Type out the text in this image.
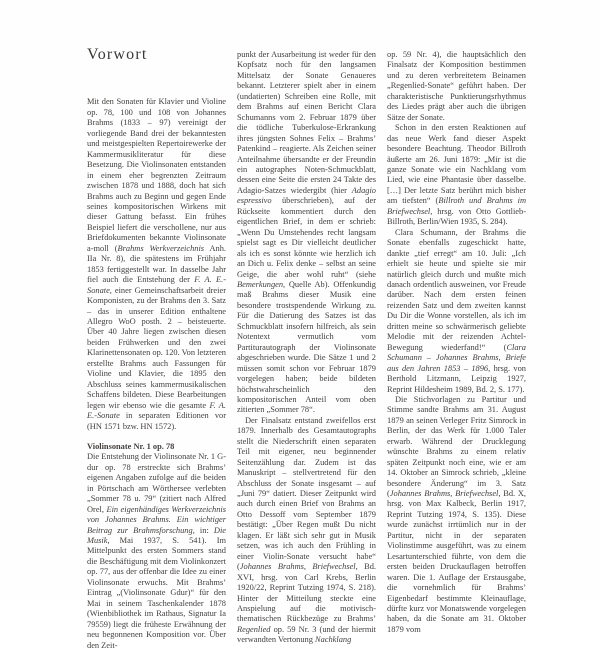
Vorwort

Mit den Sonaten für Klavier und Violine op. 78, 100 und 108 von Johannes Brahms (1833 – 97) vereinigt der vorliegende Band drei der bekanntesten und meistgespielten Repertoirewerke der Kammermusikliteratur für diese Besetzung. Die Violinsonaten entstanden in einem eher begrenzten Zeitraum zwischen 1878 und 1888, doch hat sich Brahms auch zu Beginn und gegen Ende seines kompositorischen Wirkens mit dieser Gattung befasst. Ein frühes Beispiel liefert die verschollene, nur aus Briefdokumenten bekannte Violinsonate a-moll (Brahms Werkverzeichnis Anh. IIa Nr. 8), die spätestens im Frühjahr 1853 fertiggestellt war. In dasselbe Jahr fiel auch die Entstehung der F. A. E.-Sonate, einer Gemeinschaftsarbeit dreier Komponisten, zu der Brahms den 3. Satz – das in unserer Edition enthaltene Allegro WoO posth. 2 – beisteuerte. Über 40 Jahre liegen zwischen diesen beiden Frühwerken und den zwei Klarinettensonaten op. 120. Von letzteren erstellte Brahms auch Fassungen für Violine und Klavier, die 1895 den Abschluss seines kammermusikalischen Schaffens bildeten. Diese Bearbeitungen legen wir ebenso wie die gesamte F. A. E.-Sonate in separaten Editionen vor (HN 1571 bzw. HN 1572).

Violinsonate Nr. 1 op. 78

Die Entstehung der Violinsonate Nr. 1 G-dur op. 78 erstreckte sich Brahms’ eigenen Angaben zufolge auf die beiden in Pörtschach am Wörthersee verlebten „Sommer 78 u. 79“ (zitiert nach Alfred Orel, Ein eigenhändiges Werkverzeichnis von Johannes Brahms. Ein wichtiger Beitrag zur Brahmsforschung, in: Die Musik, Mai 1937, S. 541). Im Mittelpunkt des ersten Sommers stand die Beschäftigung mit dem Violinkonzert op. 77, aus der offenbar die Idee zu einer Violinsonate erwuchs. Mit Brahms’ Eintrag „(Violinsonate Gdur)“ für den Mai in seinem Taschenkalender 1878 (Wienbibliothek im Rathaus, Signatur Ia 79559) liegt die früheste Erwähnung der neu begonnenen Komposition vor. Über den Zeit-

punkt der Ausarbeitung ist weder für den Kopfsatz noch für den langsamen Mittelsatz der Sonate Genaueres bekannt. Letzterer spielt aber in einem (undatierten) Schreiben eine Rolle, mit dem Brahms auf einen Bericht Clara Schumanns vom 2. Februar 1879 über die tödliche Tuberkulose-Erkrankung ihres jüngsten Sohnes Felix – Brahms’ Patenkind – reagierte. Als Zeichen seiner Anteilnahme übersandte er der Freundin ein autographes Noten-Schmuckblatt, dessen eine Seite die ersten 24 Takte des Adagio-Satzes wiedergibt (hier Adagio espressivo überschrieben), auf der Rückseite kommentiert durch den eigentlichen Brief, in dem er schrieb: „Wenn Du Umstehendes recht langsam spielst sagt es Dir vielleicht deutlicher als ich es sonst könnte wie herzlich ich an Dich u. Felix denke – selbst an seine Geige, die aber wohl ruht“ (siehe Bemerkungen, Quelle Ab). Offenkundig maß Brahms dieser Musik eine besondere trostspendende Wirkung zu. Für die Datierung des Satzes ist das Schmuckblatt insofern hilfreich, als sein Notentext vermutlich vom Partiturautograph der Violinsonate abgeschrieben wurde. Die Sätze 1 und 2 müssen somit schon vor Februar 1879 vorgelegen haben; beide bildeten höchstwahrscheinlich den kompositorischen Anteil vom oben zitierten „Sommer 78“.

Der Finalsatz entstand zweifellos erst 1879. Innerhalb des Gesamtautographs stellt die Niederschrift einen separaten Teil mit eigener, neu beginnender Seitenzählung dar. Zudem ist das Manuskript – stellvertretend für den Abschluss der Sonate insgesamt – auf „Juni 79“ datiert. Dieser Zeitpunkt wird auch durch einen Brief von Brahms an Otto Dessoff vom September 1879 bestätigt: „Über Regen mußt Du nicht klagen. Er läßt sich sehr gut in Musik setzen, was ich auch den Frühling in einer Violin-Sonate versucht habe“ (Johannes Brahms, Briefwechsel, Bd. XVI, hrsg. von Carl Krebs, Berlin 1920/22, Reprint Tutzing 1974, S. 218). Hinter der Mitteilung steckte eine Anspielung auf die motivisch-thematischen Rückbezüge zu Brahms’ Regenlied op. 59 Nr. 3 (und der hiermit verwandten Vertonung Nachklang

op. 59 Nr. 4), die hauptsächlich den Finalsatz der Komposition bestimmen und zu deren verbreitetem Beinamen „Regenlied-Sonate“ geführt haben. Der charakteristische Punktierungsrhythmus des Liedes prägt aber auch die übrigen Sätze der Sonate.

Schon in den ersten Reaktionen auf das neue Werk fand dieser Aspekt besondere Beachtung. Theodor Billroth äußerte am 26. Juni 1879: „Mir ist die ganze Sonate wie ein Nachklang vom Lied, wie eine Phantasie über dasselbe. […] Der letzte Satz berührt mich bisher am tiefsten“ (Billroth und Brahms im Briefwechsel, hrsg. von Otto Gottlieb-Billroth, Berlin/Wien 1935, S. 284).

Clara Schumann, der Brahms die Sonate ebenfalls zugeschickt hatte, dankte „tief erregt“ am 10. Juli: „Ich erhielt sie heute und spielte sie mir natürlich gleich durch und mußte mich danach ordentlich ausweinen, vor Freude darüber. Nach dem ersten feinen reizenden Satz und dem zweiten kannst Du Dir die Wonne vorstellen, als ich im dritten meine so schwärmerisch geliebte Melodie mit der reizenden Achtel-Bewegung wiederfand!“ (Clara Schumann – Johannes Brahms, Briefe aus den Jahren 1853 – 1896, hrsg. von Berthold Litzmann, Leipzig 1927, Reprint Hildesheim 1989, Bd. 2, S. 177).

Die Stichvorlagen zu Partitur und Stimme sandte Brahms am 31. August 1879 an seinen Verleger Fritz Simrock in Berlin, der das Werk für 1.000 Taler erwarb. Während der Drucklegung wünschte Brahms zu einem relativ späten Zeitpunkt noch eine, wie er am 14. Oktober an Simrock schrieb, „kleine besondere Änderung“ im 3. Satz (Johannes Brahms, Briefwechsel, Bd. X, hrsg. von Max Kalbeck, Berlin 1917, Reprint Tutzing 1974, S. 135). Diese wurde zunächst irrtümlich nur in der Partitur, nicht in der separaten Violinstimme ausgeführt, was zu einem Lesartunterschied führte, von dem die ersten beiden Druckauflagen betroffen waren. Die 1. Auflage der Erstausgabe, die vornehmlich für Brahms’ Eigenbedarf bestimmte Kleinauflage, dürfte kurz vor Monatswende vorgelegen haben, da die Sonate am 31. Oktober 1879 vom
